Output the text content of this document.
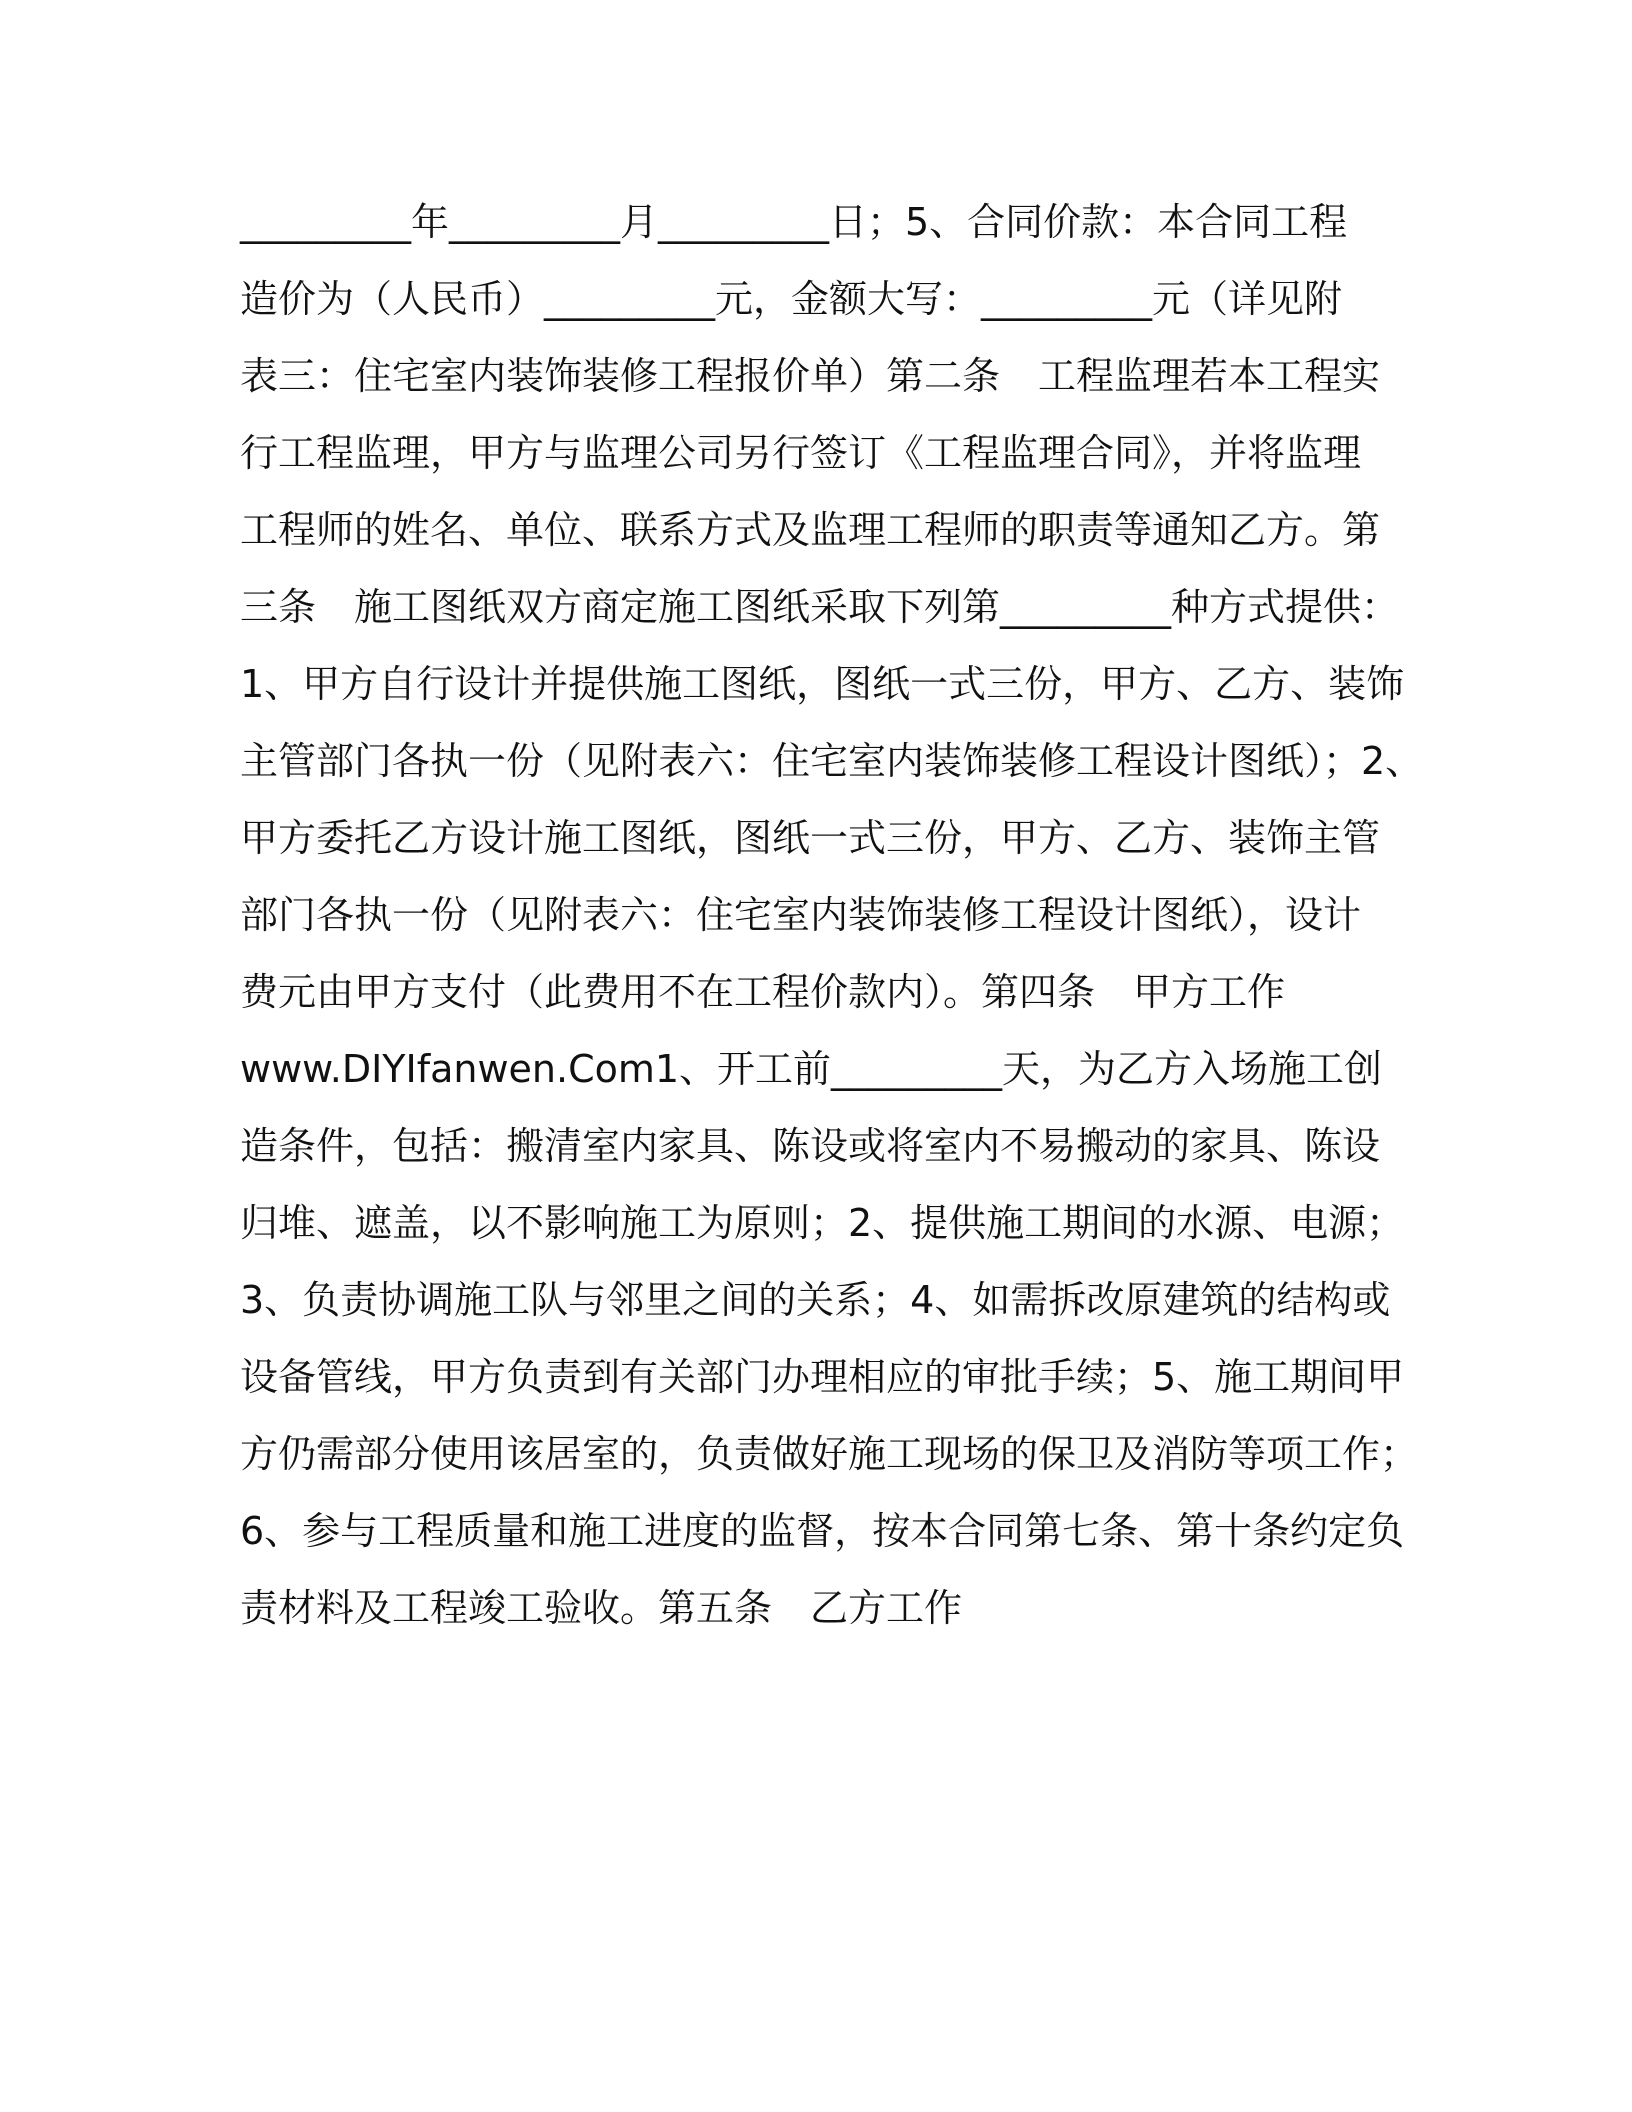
_________年_________月_________日；5、合同价款：本合同工程
造价为（人民币）_________元，金额大写：_________元（详见附
表三：住宅室内装饰装修工程报价单）第二条　工程监理若本工程实
行工程监理，甲方与监理公司另行签订《工程监理合同》，并将监理
工程师的姓名、单位、联系方式及监理工程师的职责等通知乙方。第
三条　施工图纸双方商定施工图纸采取下列第_________种方式提供：
1、甲方自行设计并提供施工图纸，图纸一式三份，甲方、乙方、装饰
主管部门各执一份（见附表六：住宅室内装饰装修工程设计图纸）；2、
甲方委托乙方设计施工图纸，图纸一式三份，甲方、乙方、装饰主管
部门各执一份（见附表六：住宅室内装饰装修工程设计图纸），设计
费元由甲方支付（此费用不在工程价款内）。第四条　甲方工作
www.DIYIfanwen.Com1、开工前_________天，为乙方入场施工创
造条件，包括：搬清室内家具、陈设或将室内不易搬动的家具、陈设
归堆、遮盖，以不影响施工为原则；2、提供施工期间的水源、电源；
3、负责协调施工队与邻里之间的关系；4、如需拆改原建筑的结构或
设备管线，甲方负责到有关部门办理相应的审批手续；5、施工期间甲
方仍需部分使用该居室的，负责做好施工现场的保卫及消防等项工作；
6、参与工程质量和施工进度的监督，按本合同第七条、第十条约定负
责材料及工程竣工验收。第五条　乙方工作
